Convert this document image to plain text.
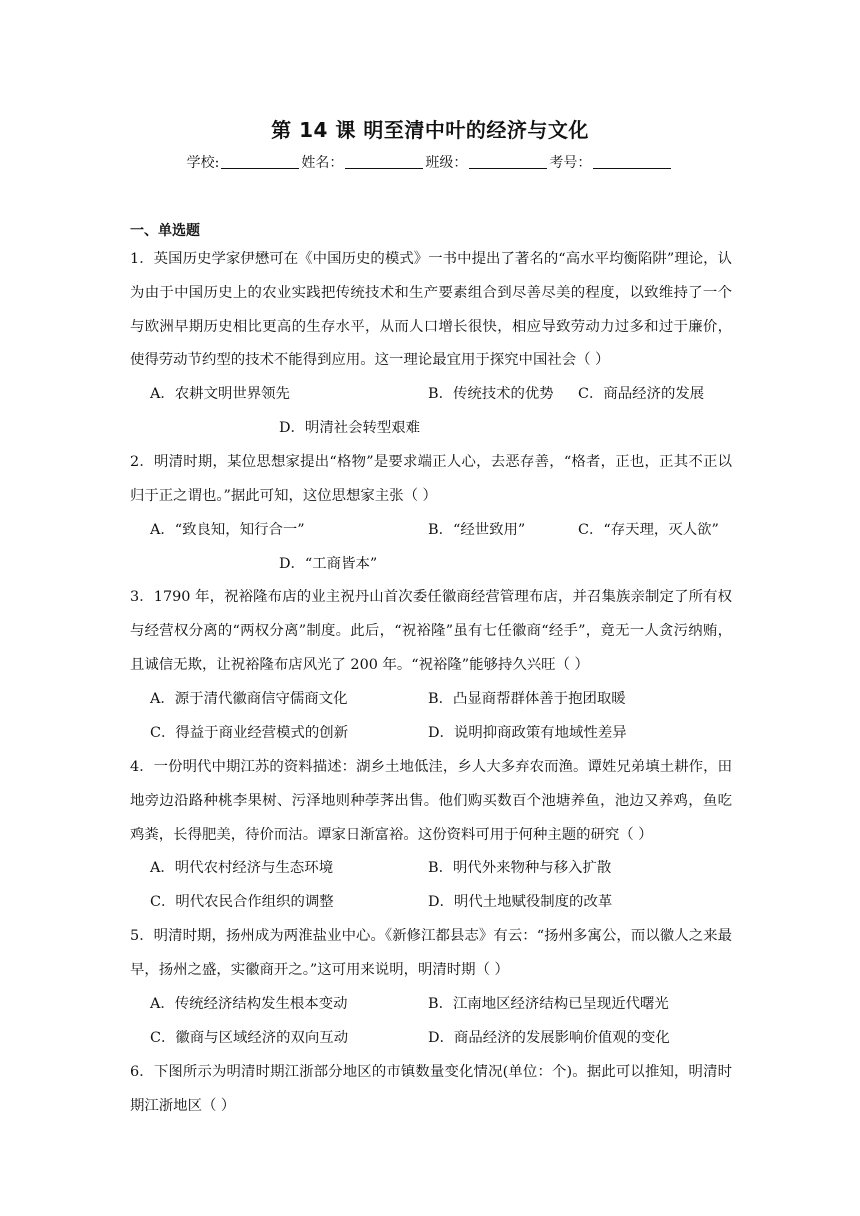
第 14 课 明至清中叶的经济与文化
学校:	姓名：	班级：	考号：
一、单选题
1．英国历史学家伊懋可在《中国历史的模式》一书中提出了著名的“高水平均衡陷阱”理论，认为由于中国历史上的农业实践把传统技术和生产要素组合到尽善尽美的程度，以致维持了一个与欧洲早期历史相比更高的生存水平，从而人口增长很快，相应导致劳动力过多和过于廉价，使得劳动节约型的技术不能得到应用。这一理论最宜用于探究中国社会（ ）
A．农耕文明世界领先	B．传统技术的优势 C．商品经济的发展
D．明清社会转型艰难
2．明清时期，某位思想家提出“格物”是要求端正人心，去恶存善，“格者，正也，正其不正以归于正之谓也。”据此可知，这位思想家主张（ ）
A．“致良知，知行合一”	B．“经世致用”	C．“存天理，灭人欲”
D．“工商皆本”
3．1790 年，祝裕隆布店的业主祝丹山首次委任徽商经营管理布店，并召集族亲制定了所有权与经营权分离的“两权分离”制度。此后，“祝裕隆”虽有七任徽商“经手”，竟无一人贪污纳贿，且诚信无欺，让祝裕隆布店风光了 200 年。“祝裕隆”能够持久兴旺（ ）
A．源于清代徽商信守儒商文化	B．凸显商帮群体善于抱团取暖
C．得益于商业经营模式的创新	D．说明抑商政策有地域性差异
4．一份明代中期江苏的资料描述：湖乡土地低洼，乡人大多弃农而渔。谭姓兄弟填土耕作，田地旁边沿路种桃李果树、污泽地则种荸荠出售。他们购买数百个池塘养鱼，池边又养鸡，鱼吃鸡粪，长得肥美，待价而沽。谭家日渐富裕。这份资料可用于何种主题的研究（ ）
A．明代农村经济与生态环境	B．明代外来物种与移入扩散
C．明代农民合作组织的调整	D．明代土地赋役制度的改革
5．明清时期，扬州成为两淮盐业中心。《新修江都县志》有云：“扬州多寓公，而以徽人之来最早，扬州之盛，实徽商开之。”这可用来说明，明清时期（ ）
A．传统经济结构发生根本变动	B．江南地区经济结构已呈现近代曙光
C．徽商与区域经济的双向互动	D．商品经济的发展影响价值观的变化
6．下图所示为明清时期江浙部分地区的市镇数量变化情况(单位：个)。据此可以推知，明清时期江浙地区（ ）
